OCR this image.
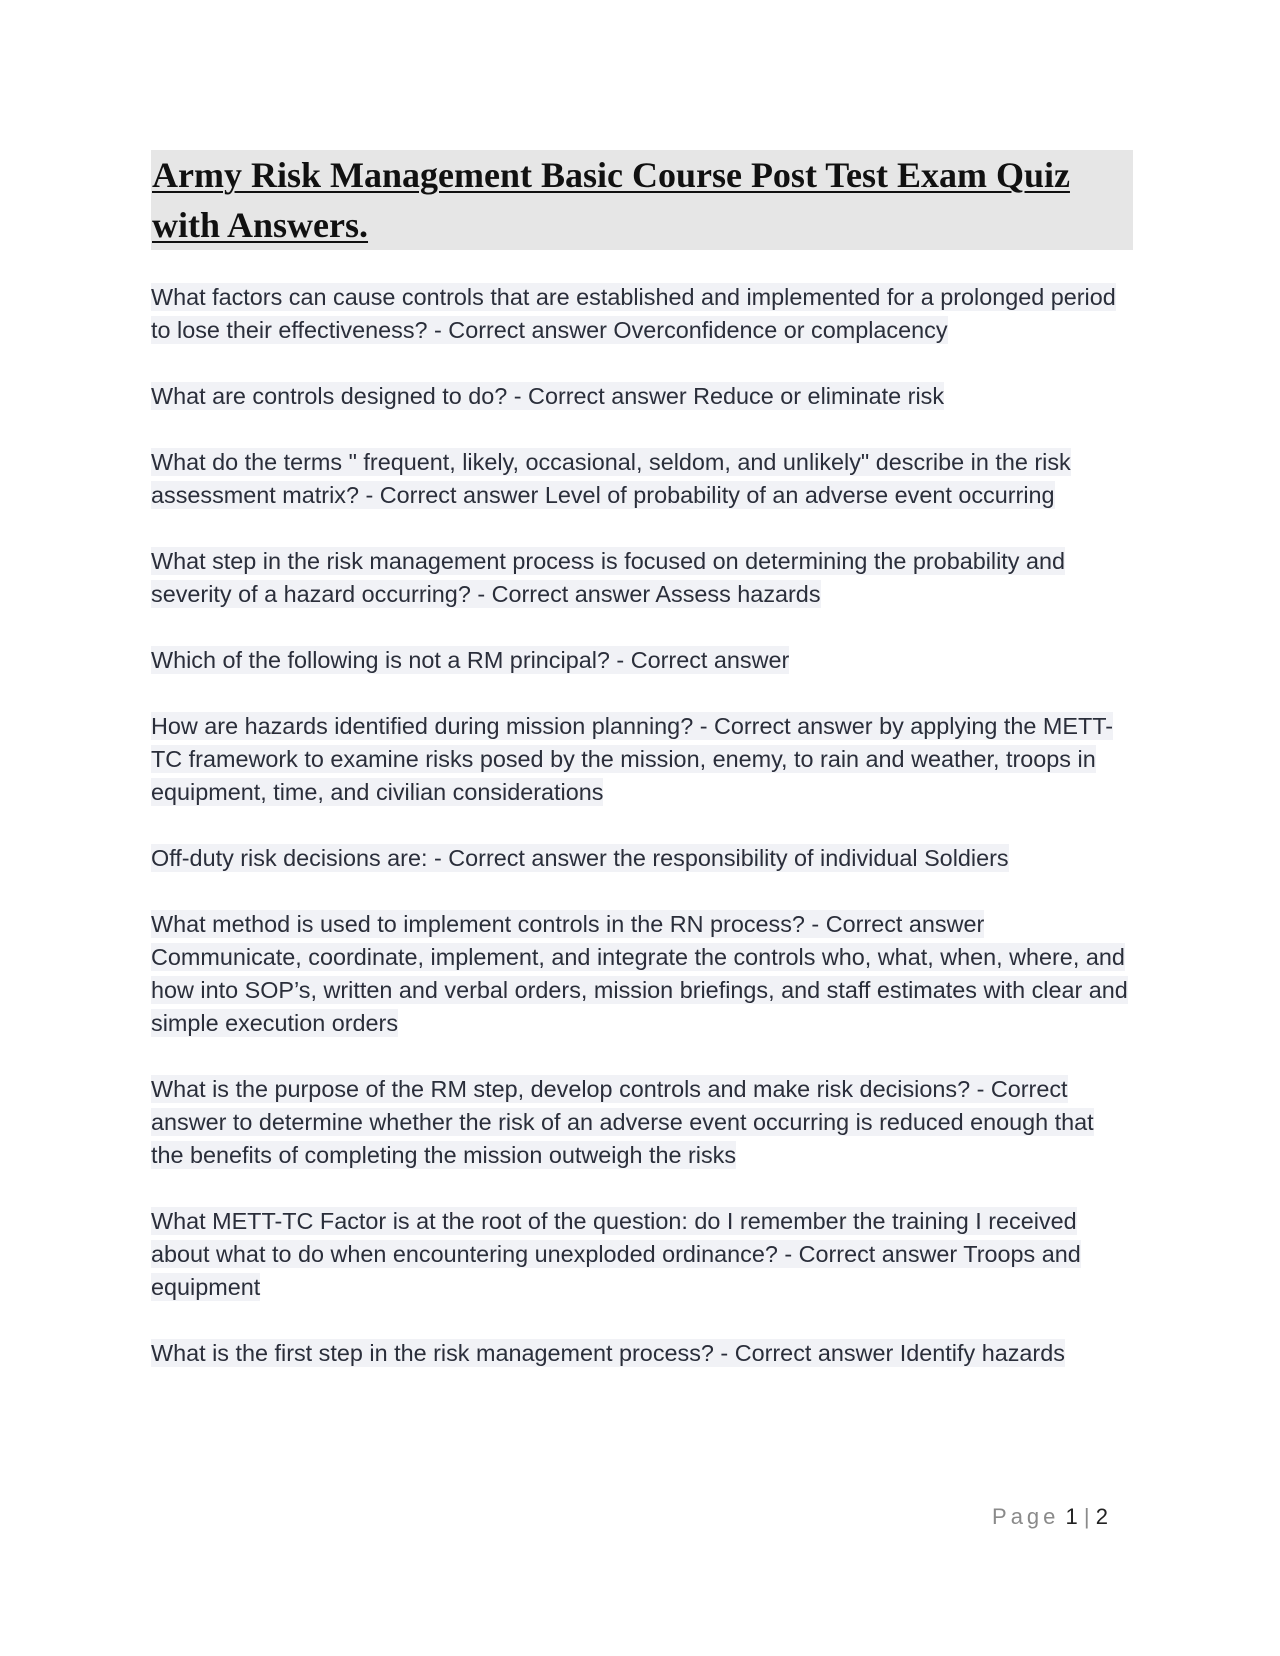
Army Risk Management Basic Course Post Test Exam Quiz with Answers.

What factors can cause controls that are established and implemented for a prolonged period to lose their effectiveness? - Correct answer Overconfidence or complacency

What are controls designed to do? - Correct answer Reduce or eliminate risk

What do the terms " frequent, likely, occasional, seldom, and unlikely" describe in the risk assessment matrix? - Correct answer Level of probability of an adverse event occurring

What step in the risk management process is focused on determining the probability and severity of a hazard occurring? - Correct answer Assess hazards

Which of the following is not a RM principal? - Correct answer

How are hazards identified during mission planning? - Correct answer by applying the METT-TC framework to examine risks posed by the mission, enemy, to rain and weather, troops in equipment, time, and civilian considerations

Off-duty risk decisions are: - Correct answer the responsibility of individual Soldiers

What method is used to implement controls in the RN process? - Correct answer Communicate, coordinate, implement, and integrate the controls who, what, when, where, and how into SOP’s, written and verbal orders, mission briefings, and staff estimates with clear and simple execution orders

What is the purpose of the RM step, develop controls and make risk decisions? - Correct answer to determine whether the risk of an adverse event occurring is reduced enough that the benefits of completing the mission outweigh the risks

What METT-TC Factor is at the root of the question: do I remember the training I received about what to do when encountering unexploded ordinance? - Correct answer Troops and equipment

What is the first step in the risk management process? - Correct answer Identify hazards

Page 1 | 2
